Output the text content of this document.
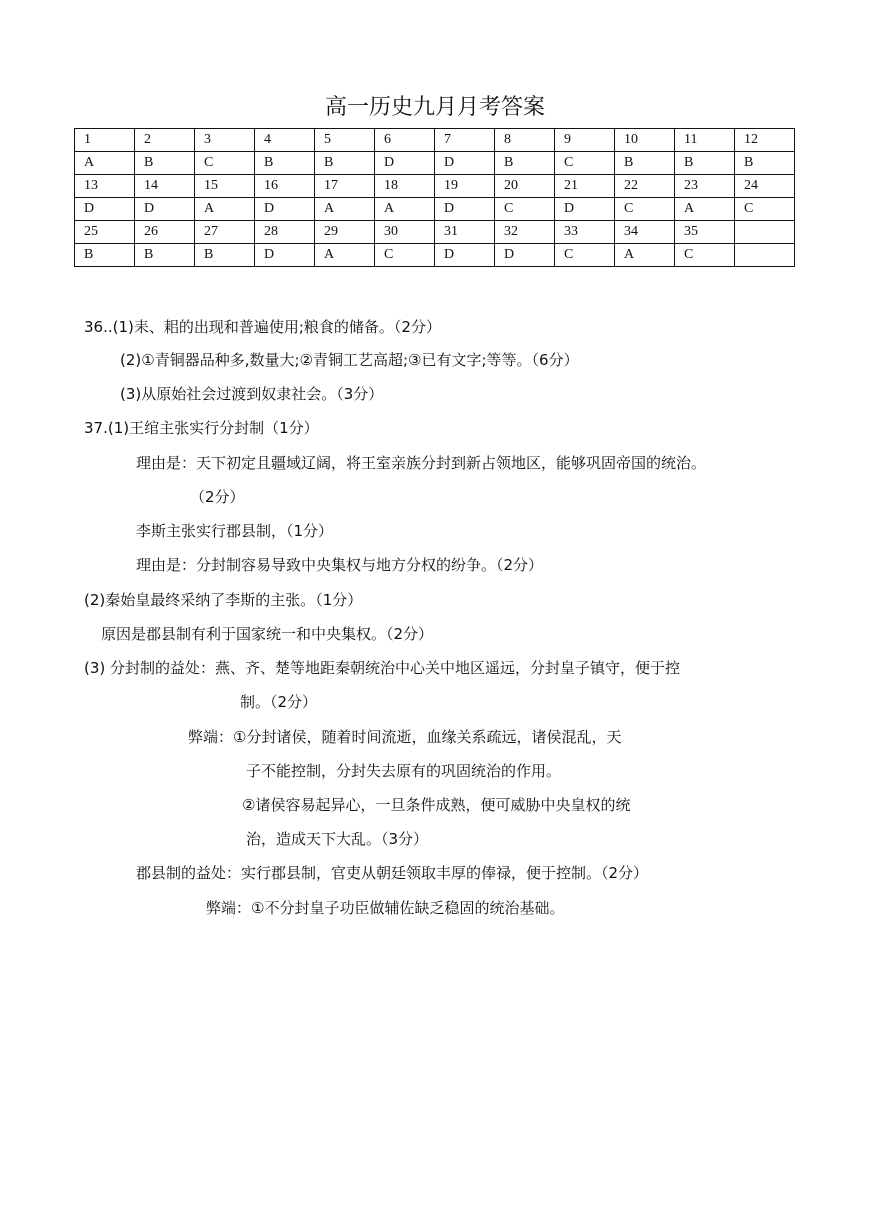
高一历史九月月考答案
1	2	3	4	5	6	7	8	9	10	11	12
A	B	C	B	B	D	D	B	C	B	B	B
13	14	15	16	17	18	19	20	21	22	23	24
D	D	A	D	A	A	D	C	D	C	A	C
25	26	27	28	29	30	31	32	33	34	35	
B	B	B	D	A	C	D	D	C	A	C	
36..(1)耒、耜的出现和普遍使用;粮食的储备。（2分）
(2)①青铜器品种多,数量大;②青铜工艺高超;③已有文字;等等。（6分）
(3)从原始社会过渡到奴隶社会。（3分）
37.(1)王绾主张实行分封制（1分）
理由是：天下初定且疆域辽阔，将王室亲族分封到新占领地区，能够巩固帝国的统治。
（2分）
李斯主张实行郡县制，（1分）
理由是：分封制容易导致中央集权与地方分权的纷争。（2分）
(2)秦始皇最终采纳了李斯的主张。（1分）
原因是郡县制有利于国家统一和中央集权。（2分）
(3) 分封制的益处：燕、齐、楚等地距秦朝统治中心关中地区遥远，分封皇子镇守，便于控
制。（2分）
弊端：①分封诸侯，随着时间流逝，血缘关系疏远，诸侯混乱，天
子不能控制，分封失去原有的巩固统治的作用。
②诸侯容易起异心，一旦条件成熟，便可威胁中央皇权的统
治，造成天下大乱。（3分）
郡县制的益处：实行郡县制，官吏从朝廷领取丰厚的俸禄，便于控制。（2分）
弊端：①不分封皇子功臣做辅佐缺乏稳固的统治基础。
